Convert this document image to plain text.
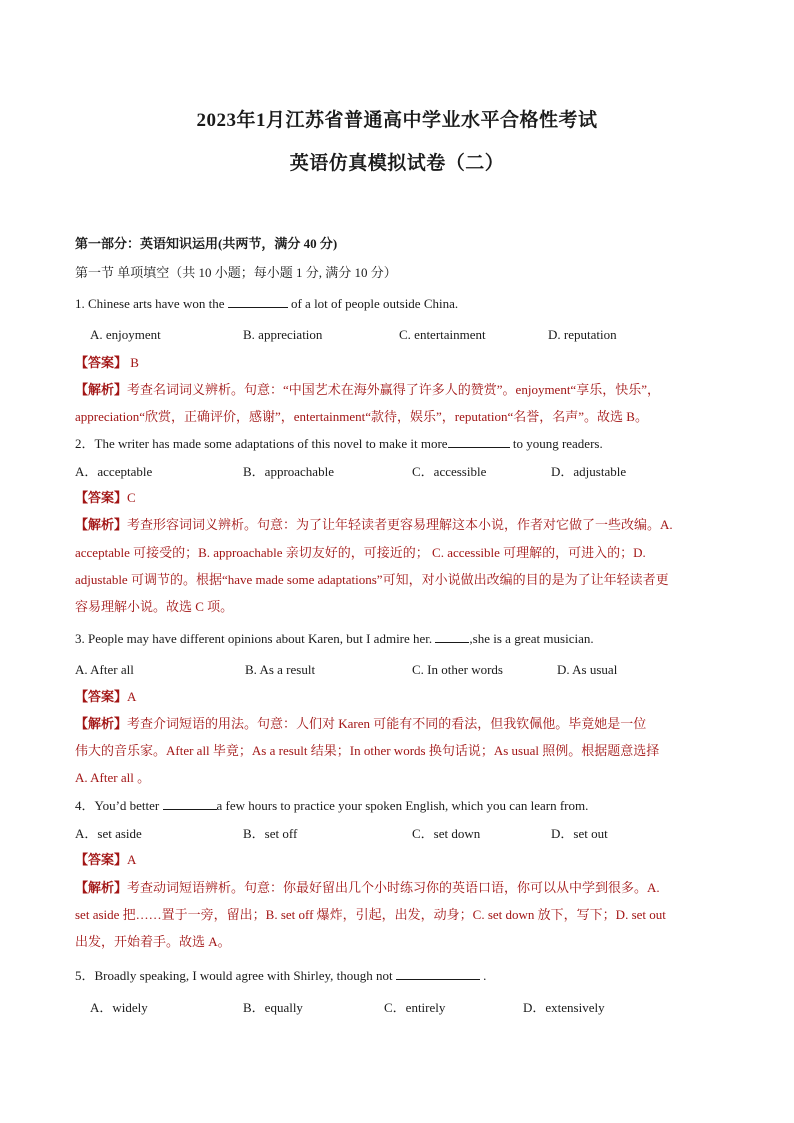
2023年1月江苏省普通高中学业水平合格性考试
英语仿真模拟试卷（二）
第一部分：英语知识运用(共两节，满分 40 分)
第一节 单项填空（共 10 小题；每小题 1 分, 满分 10 分）
1. Chinese arts have won the	of a lot of people outside China.
A. enjoyment	B. appreciation	C. entertainment	D. reputation
【答案】 B
【解析】考查名词词义辨析。句意：“中国艺术在海外赢得了许多人的赞赏”。enjoyment“享乐，快乐”，
appreciation“欣赏，正确评价，感谢”，entertainment“款待，娱乐”，reputation“名誉，名声”。故选 B。
2．The writer has made some adaptations of this novel to make it more	to young readers.
A．acceptable	B．approachable	C．accessible	D．adjustable
【答案】C
【解析】考查形容词词义辨析。句意：为了让年轻读者更容易理解这本小说，作者对它做了一些改编。A.
acceptable 可接受的；B. approachable 亲切友好的，可接近的； C. accessible 可理解的，可进入的；D.
adjustable 可调节的。根据“have made some adaptations”可知，对小说做出改编的目的是为了让年轻读者更
容易理解小说。故选 C 项。
3. People may have different opinions about Karen, but I admire her.	,she is a great musician.
A. After all	B. As a result	C. In other words	D. As usual
【答案】A
【解析】考查介词短语的用法。句意：人们对 Karen 可能有不同的看法，但我钦佩他。毕竟她是一位
伟大的音乐家。After all 毕竟；As a result 结果；In other words 换句话说；As usual 照例。根据题意选择
A. After all 。
4．You’d better	a few hours to practice your spoken English, which you can learn from.
A．set aside	B．set off	C．set down	D．set out
【答案】A
【解析】考查动词短语辨析。句意：你最好留出几个小时练习你的英语口语，你可以从中学到很多。A.
set aside 把……置于一旁，留出；B. set off 爆炸，引起，出发，动身；C. set down 放下，写下；D. set out
出发，开始着手。故选 A。
5．Broadly speaking, I would agree with Shirley, though not	.
A．widely	B．equally	C．entirely	D．extensively
